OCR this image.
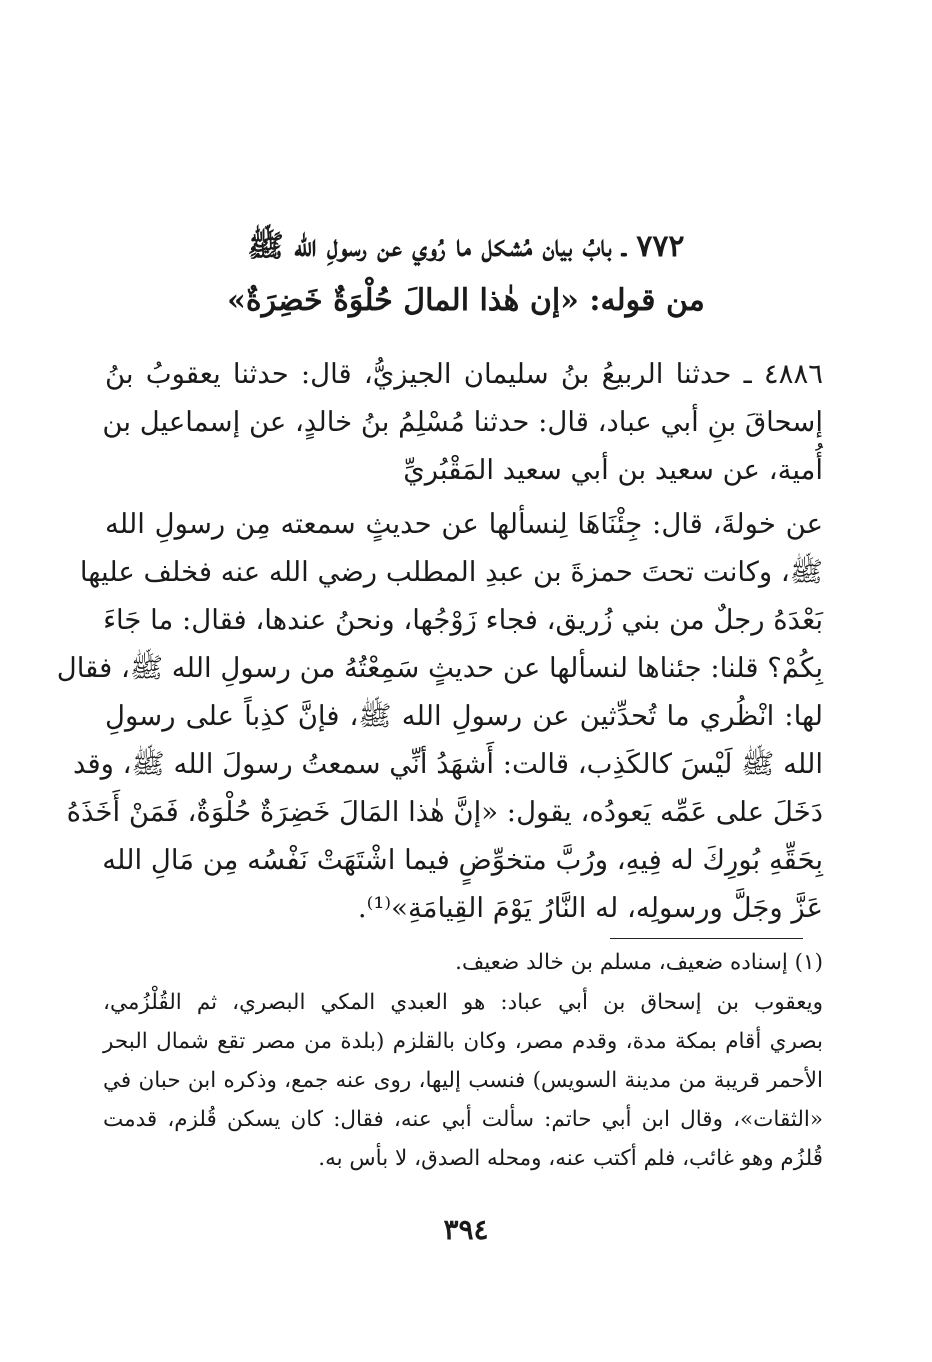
٧٧٢ ـ بابُ بيان مُشكل ما رُوي عن رسولِ الله ﷺ
من قوله: «إن هٰذا المالَ حُلْوَةٌ خَضِرَةٌ»
٤٨٨٦ ـ حدثنا الربيعُ بنُ سليمان الجيزيُّ، قال: حدثنا يعقوبُ بنُ
إسحاقَ بنِ أبي عباد، قال: حدثنا مُسْلِمُ بنُ خالدٍ، عن إسماعيل بن
أُمية، عن سعيد بن أبي سعيد المَقْبُريِّ
عن خولةَ، قال: جِئْنَاهَا لِنسألها عن حديثٍ سمعته مِن رسولِ الله
ﷺ، وكانت تحتَ حمزةَ بن عبدِ المطلب رضي الله عنه فخلف عليها
بَعْدَهُ رجلٌ من بني زُريق، فجاء زَوْجُها، ونحنُ عندها، فقال: ما جَاءَ
بِكُمْ؟ قلنا: جئناها لنسألها عن حديثٍ سَمِعْتُهُ من رسولِ الله ﷺ، فقال
لها: انْظُري ما تُحدِّثين عن رسولِ الله ﷺ، فإنَّ كذِباً على رسولِ
الله ﷺ لَيْسَ كالكَذِب، قالت: أَشهَدُ أنِّي سمعتُ رسولَ الله ﷺ، وقد
دَخَلَ على عَمِّه يَعودُه، يقول: «إنَّ هٰذا المَالَ خَضِرَةٌ حُلْوَةٌ، فَمَنْ أَخَذَهُ
بِحَقِّهِ بُورِكَ له فِيهِ، ورُبَّ متخوِّضٍ فيما اشْتَهَتْ نَفْسُه مِن مَالِ الله
عَزَّ وجَلَّ ورسولِه، له النَّارُ يَوْمَ القِيامَةِ»⁽¹⁾.
(١) إسناده ضعيف، مسلم بن خالد ضعيف.
ويعقوب بن إسحاق بن أبي عباد: هو العبدي المكي البصري، ثم القُلْزُمي،
بصري أقام بمكة مدة، وقدم مصر، وكان بالقلزم (بلدة من مصر تقع شمال البحر
الأحمر قريبة من مدينة السويس) فنسب إليها، روى عنه جمع، وذكره ابن حبان في
«الثقات»، وقال ابن أبي حاتم: سألت أبي عنه، فقال: كان يسكن قُلزم، قدمت
قُلزُم وهو غائب، فلم أكتب عنه، ومحله الصدق، لا بأس به.
٣٩٤
